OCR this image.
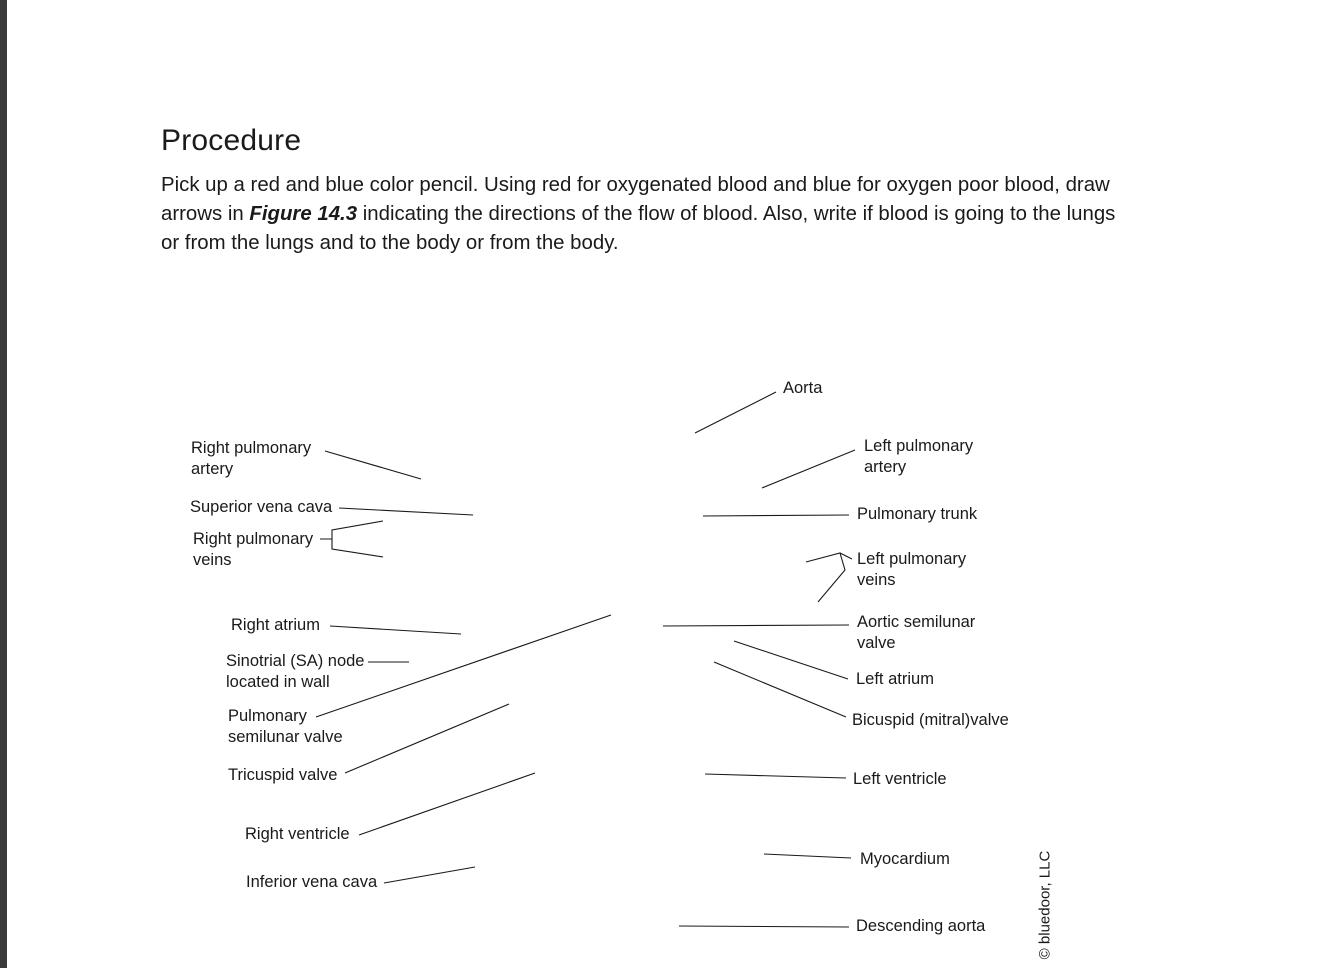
Procedure

Pick up a red and blue color pencil. Using red for oxygenated blood and blue for oxygen poor blood, draw arrows in Figure 14.3 indicating the directions of the flow of blood. Also, write if blood is going to the lungs or from the lungs and to the body or from the body.

Right pulmonary
artery
Superior vena cava
Right pulmonary
veins
Right atrium
Sinotrial (SA) node
located in wall
Pulmonary
semilunar valve
Tricuspid valve
Right ventricle
Inferior vena cava
Aorta
Left pulmonary
artery
Pulmonary trunk
Left pulmonary
veins
Aortic semilunar
valve
Left atrium
Bicuspid (mitral)valve
Left ventricle
Myocardium
Descending aorta	© bluedoor, LLC
